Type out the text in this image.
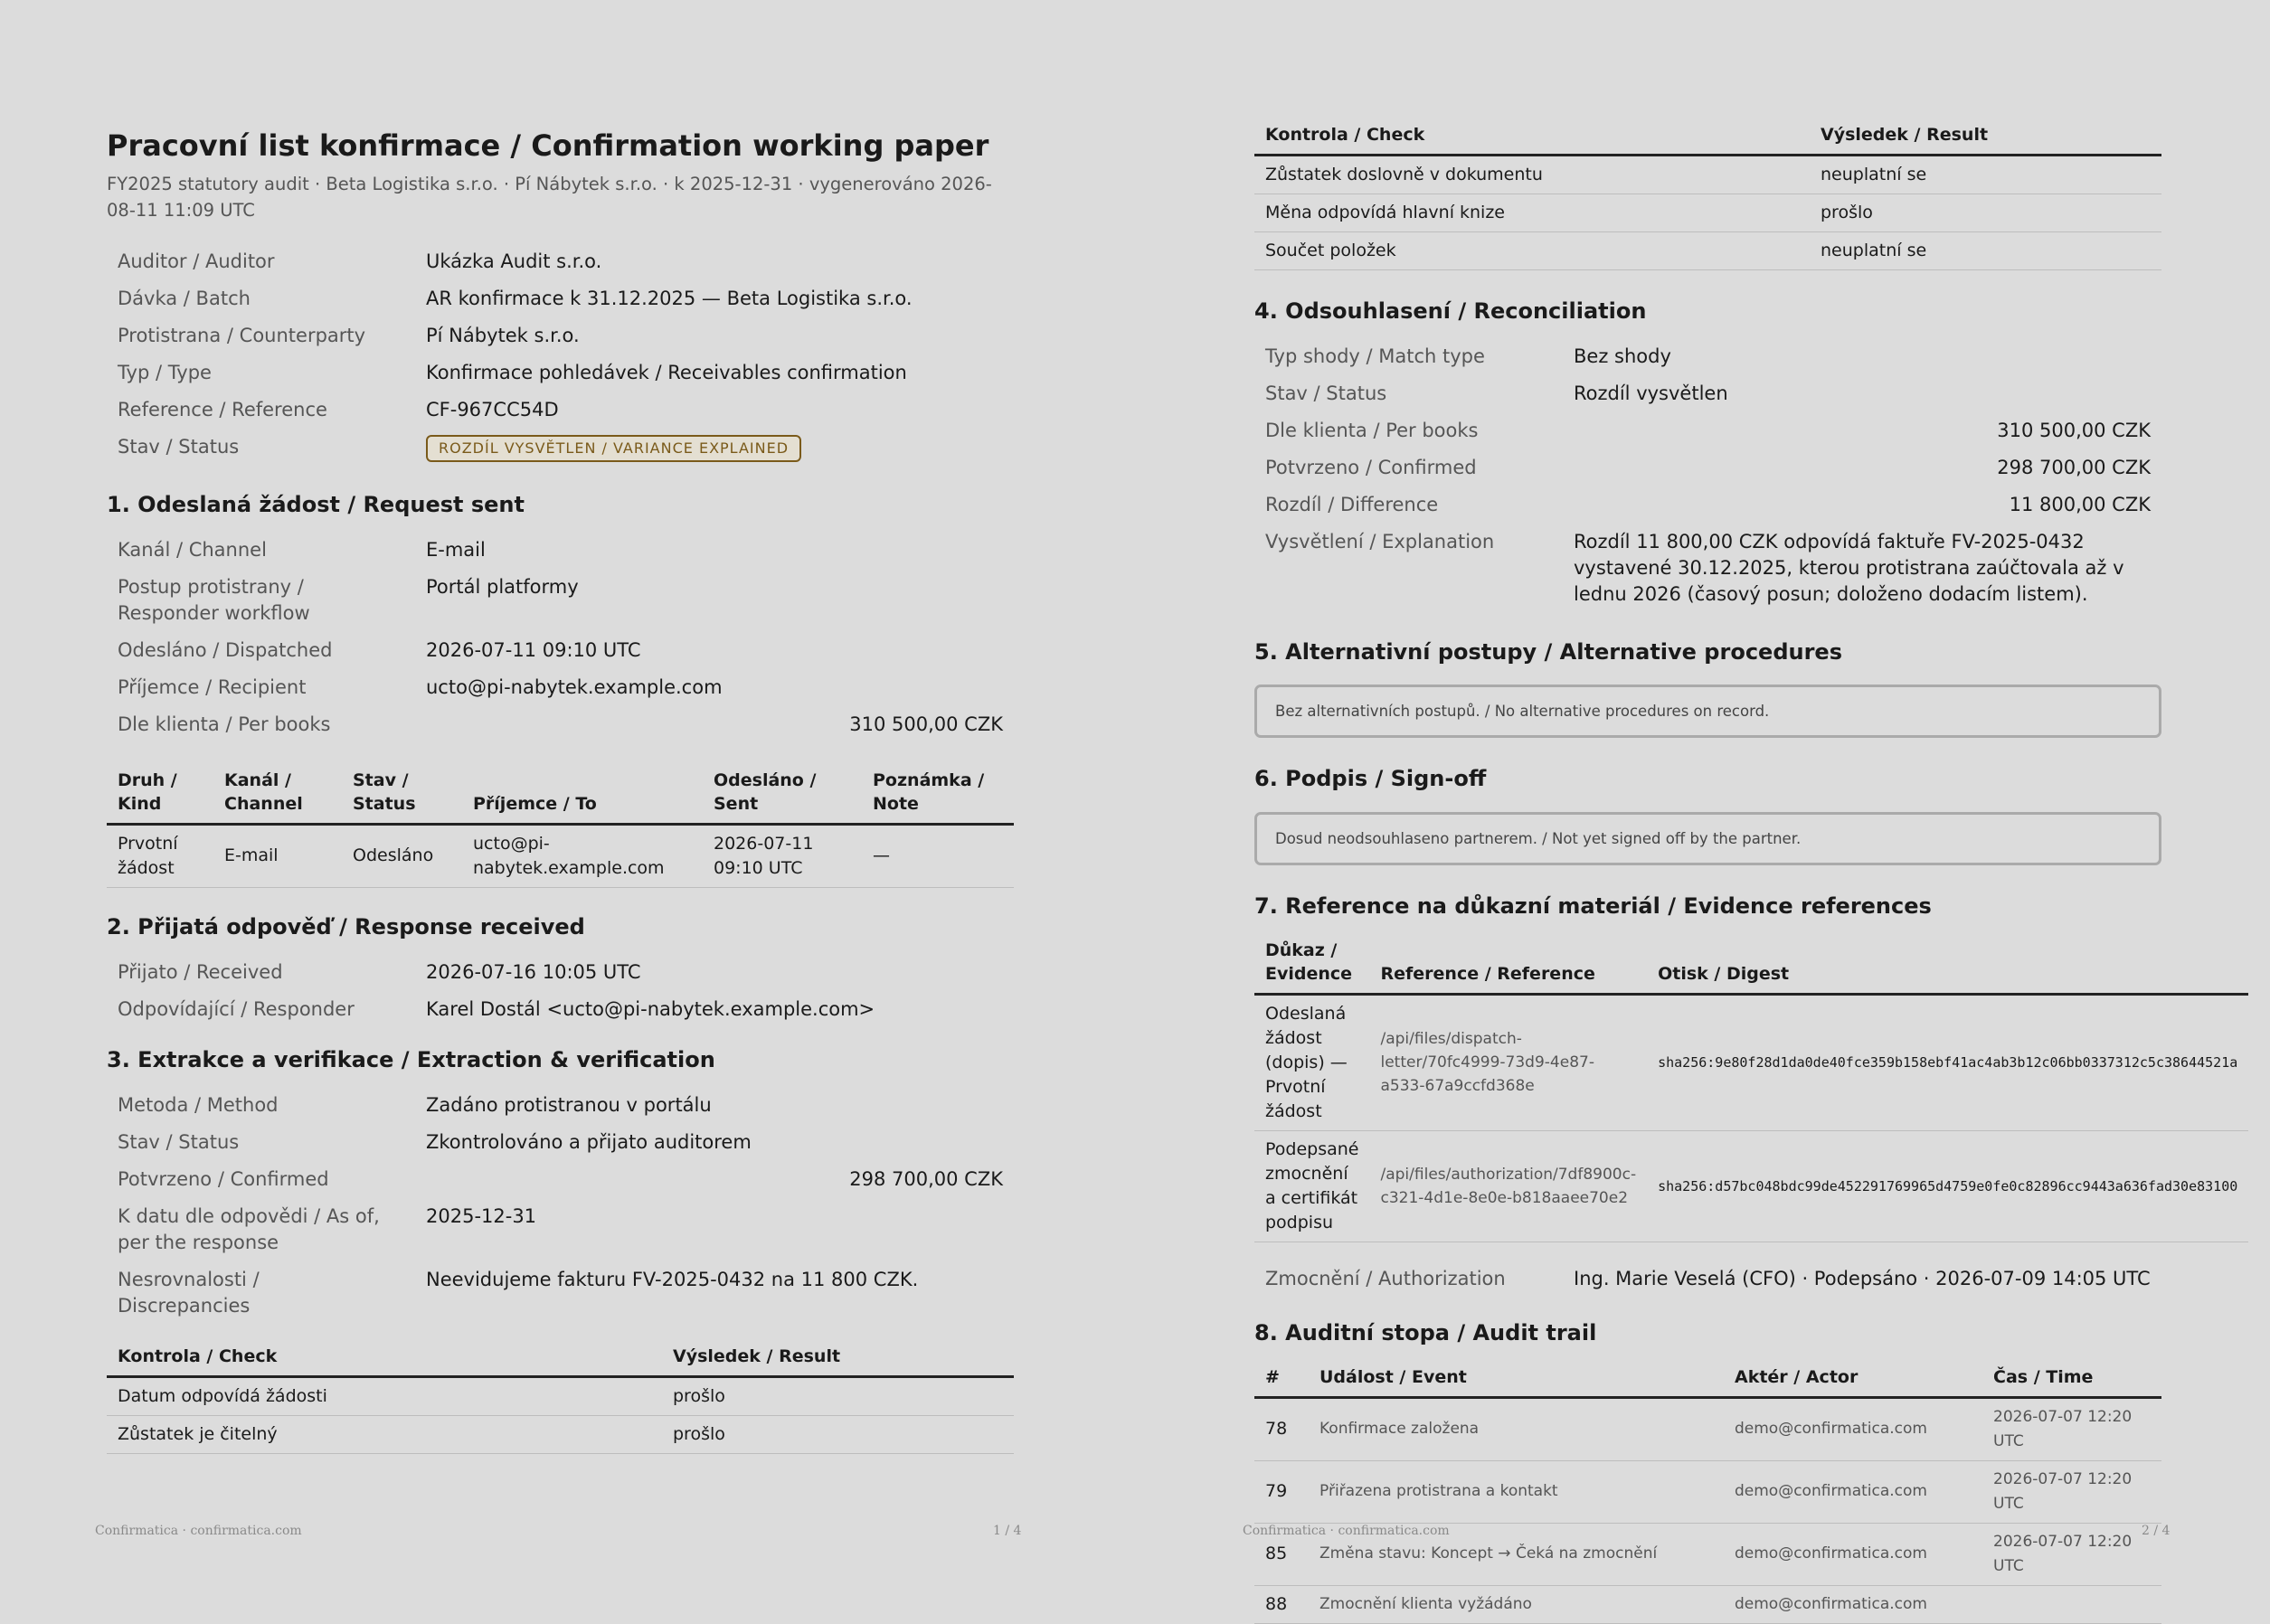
Pracovní list konfirmace / Confirmation working paper
FY2025 statutory audit · Beta Logistika s.r.o. · Pí Nábytek s.r.o. · k 2025-12-31 · vygenerováno 2026-08-11 11:09 UTC
Auditor / Auditor	Ukázka Audit s.r.o.
Dávka / Batch	AR konfirmace k 31.12.2025 — Beta Logistika s.r.o.
Protistrana / Counterparty	Pí Nábytek s.r.o.
Typ / Type	Konfirmace pohledávek / Receivables confirmation
Reference / Reference	CF-967CC54D
Stav / Status	ROZDÍL VYSVĚTLEN / VARIANCE EXPLAINED
1. Odeslaná žádost / Request sent
Kanál / Channel	E-mail
Postup protistrany / Responder workflow	Portál platformy
Odesláno / Dispatched	2026-07-11 09:10 UTC
Příjemce / Recipient	ucto@pi-nabytek.example.com
Dle klienta / Per books	310 500,00 CZK
Druh / Kind	Kanál / Channel	Stav / Status	Příjemce / To	Odesláno / Sent	Poznámka / Note
Prvotní žádost	E-mail	Odesláno	ucto@pi-nabytek.example.com	2026-07-11 09:10 UTC	—
2. Přijatá odpověď / Response received
Přijato / Received	2026-07-16 10:05 UTC
Odpovídající / Responder	Karel Dostál <ucto@pi-nabytek.example.com>
3. Extrakce a verifikace / Extraction & verification
Metoda / Method	Zadáno protistranou v portálu
Stav / Status	Zkontrolováno a přijato auditorem
Potvrzeno / Confirmed	298 700,00 CZK
K datu dle odpovědi / As of, per the response	2025-12-31
Nesrovnalosti / Discrepancies	Neevidujeme fakturu FV-2025-0432 na 11 800 CZK.
Kontrola / Check	Výsledek / Result
Datum odpovídá žádosti	prošlo
Zůstatek je čitelný	prošlo
Confirmatica · confirmatica.com	1 / 4
Kontrola / Check	Výsledek / Result
Zůstatek doslovně v dokumentu	neuplatní se
Měna odpovídá hlavní knize	prošlo
Součet položek	neuplatní se
4. Odsouhlasení / Reconciliation
Typ shody / Match type	Bez shody
Stav / Status	Rozdíl vysvětlen
Dle klienta / Per books	310 500,00 CZK
Potvrzeno / Confirmed	298 700,00 CZK
Rozdíl / Difference	11 800,00 CZK
Vysvětlení / Explanation	Rozdíl 11 800,00 CZK odpovídá faktuře FV-2025-0432 vystavené 30.12.2025, kterou protistrana zaúčtovala až v lednu 2026 (časový posun; doloženo dodacím listem).
5. Alternativní postupy / Alternative procedures
Bez alternativních postupů. / No alternative procedures on record.
6. Podpis / Sign-off
Dosud neodsouhlaseno partnerem. / Not yet signed off by the partner.
7. Reference na důkazní materiál / Evidence references
Důkaz / Evidence	Reference / Reference	Otisk / Digest
Odeslaná žádost (dopis) — Prvotní žádost	/api/files/dispatch-letter/70fc4999-73d9-4e87-a533-67a9ccfd368e	sha256:9e80f28d1da0de40fce359b158ebf41ac4ab3b12c06bb0337312c5c38644521a
Podepsané zmocnění a certifikát podpisu	/api/files/authorization/7df8900c-c321-4d1e-8e0e-b818aaee70e2	sha256:d57bc048bdc99de452291769965d4759e0fe0c82896cc9443a636fad30e83100
Zmocnění / Authorization	Ing. Marie Veselá (CFO) · Podepsáno · 2026-07-09 14:05 UTC
8. Auditní stopa / Audit trail
#	Událost / Event	Aktér / Actor	Čas / Time
78	Konfirmace založena	demo@confirmatica.com	2026-07-07 12:20 UTC
79	Přiřazena protistrana a kontakt	demo@confirmatica.com	2026-07-07 12:20 UTC
85	Změna stavu: Koncept → Čeká na zmocnění	demo@confirmatica.com	2026-07-07 12:20 UTC
88	Zmocnění klienta vyžádáno	demo@confirmatica.com	
Confirmatica · confirmatica.com	2 / 4
